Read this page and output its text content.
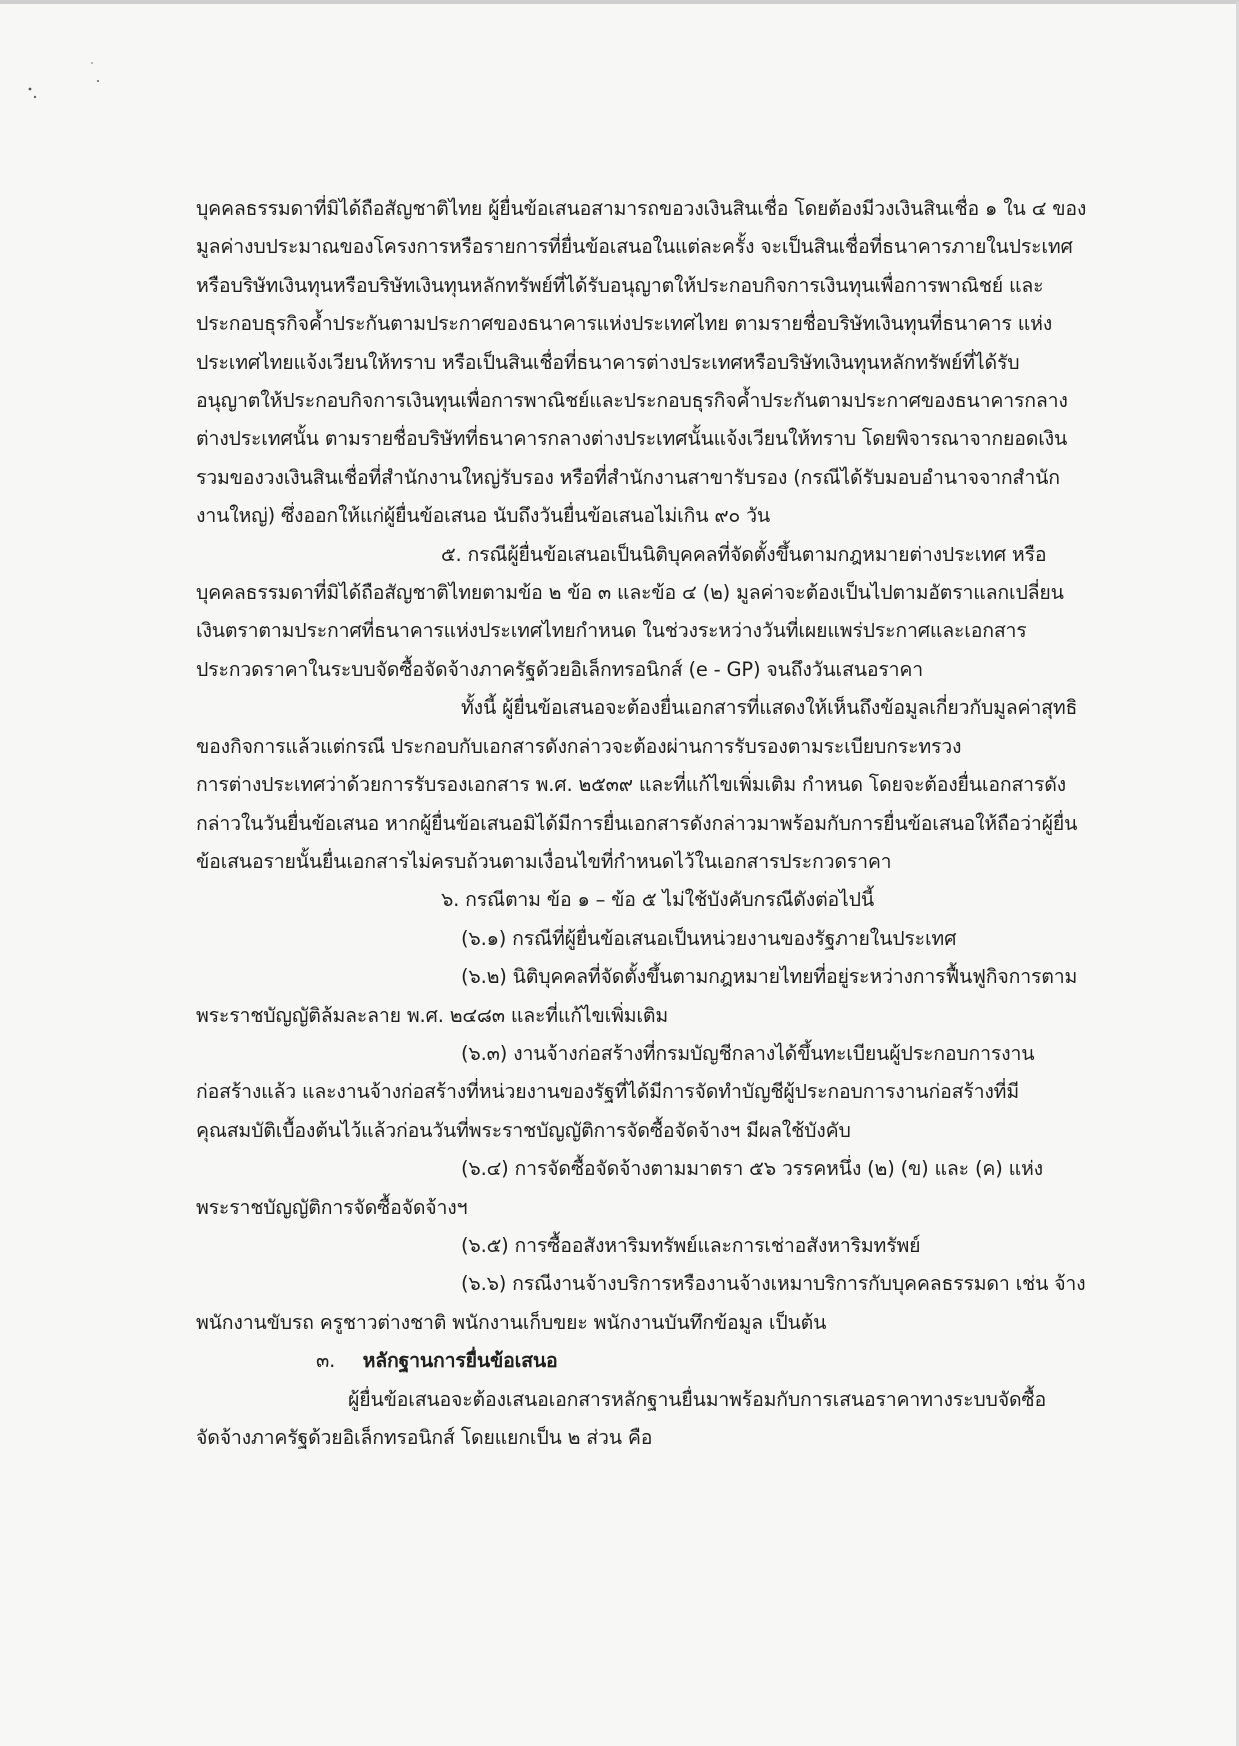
บุคคลธรรมดาที่มิได้ถือสัญชาติไทย ผู้ยื่นข้อเสนอสามารถขอวงเงินสินเชื่อ โดยต้องมีวงเงินสินเชื่อ ๑ ใน ๔ ของ
มูลค่างบประมาณของโครงการหรือรายการที่ยื่นข้อเสนอในแต่ละครั้ง จะเป็นสินเชื่อที่ธนาคารภายในประเทศ
หรือบริษัทเงินทุนหรือบริษัทเงินทุนหลักทรัพย์ที่ได้รับอนุญาตให้ประกอบกิจการเงินทุนเพื่อการพาณิชย์ และ
ประกอบธุรกิจค้ำประกันตามประกาศของธนาคารแห่งประเทศไทย ตามรายชื่อบริษัทเงินทุนที่ธนาคาร แห่ง
ประเทศไทยแจ้งเวียนให้ทราบ หรือเป็นสินเชื่อที่ธนาคารต่างประเทศหรือบริษัทเงินทุนหลักทรัพย์ที่ได้รับ
อนุญาตให้ประกอบกิจการเงินทุนเพื่อการพาณิชย์และประกอบธุรกิจค้ำประกันตามประกาศของธนาคารกลาง
ต่างประเทศนั้น ตามรายชื่อบริษัทที่ธนาคารกลางต่างประเทศนั้นแจ้งเวียนให้ทราบ โดยพิจารณาจากยอดเงิน
รวมของวงเงินสินเชื่อที่สำนักงานใหญ่รับรอง หรือที่สำนักงานสาขารับรอง (กรณีได้รับมอบอำนาจจากสำนัก
งานใหญ่) ซึ่งออกให้แก่ผู้ยื่นข้อเสนอ นับถึงวันยื่นข้อเสนอไม่เกิน ๙๐ วัน
๕. กรณีผู้ยื่นข้อเสนอเป็นนิติบุคคลที่จัดตั้งขึ้นตามกฎหมายต่างประเทศ หรือ
บุคคลธรรมดาที่มิได้ถือสัญชาติไทยตามข้อ ๒ ข้อ ๓ และข้อ ๔ (๒) มูลค่าจะต้องเป็นไปตามอัตราแลกเปลี่ยน
เงินตราตามประกาศที่ธนาคารแห่งประเทศไทยกำหนด ในช่วงระหว่างวันที่เผยแพร่ประกาศและเอกสาร
ประกวดราคาในระบบจัดซื้อจัดจ้างภาครัฐด้วยอิเล็กทรอนิกส์ (e - GP) จนถึงวันเสนอราคา
ทั้งนี้ ผู้ยื่นข้อเสนอจะต้องยื่นเอกสารที่แสดงให้เห็นถึงข้อมูลเกี่ยวกับมูลค่าสุทธิ
ของกิจการแล้วแต่กรณี ประกอบกับเอกสารดังกล่าวจะต้องผ่านการรับรองตามระเบียบกระทรวง
การต่างประเทศว่าด้วยการรับรองเอกสาร พ.ศ. ๒๕๓๙ และที่แก้ไขเพิ่มเติม กำหนด โดยจะต้องยื่นเอกสารดัง
กล่าวในวันยื่นข้อเสนอ หากผู้ยื่นข้อเสนอมิได้มีการยื่นเอกสารดังกล่าวมาพร้อมกับการยื่นข้อเสนอให้ถือว่าผู้ยื่น
ข้อเสนอรายนั้นยื่นเอกสารไม่ครบถ้วนตามเงื่อนไขที่กำหนดไว้ในเอกสารประกวดราคา
๖. กรณีตาม ข้อ ๑ – ข้อ ๕ ไม่ใช้บังคับกรณีดังต่อไปนี้
(๖.๑) กรณีที่ผู้ยื่นข้อเสนอเป็นหน่วยงานของรัฐภายในประเทศ
(๖.๒) นิติบุคคลที่จัดตั้งขึ้นตามกฎหมายไทยที่อยู่ระหว่างการฟื้นฟูกิจการตาม
พระราชบัญญัติล้มละลาย พ.ศ. ๒๔๘๓ และที่แก้ไขเพิ่มเติม
(๖.๓) งานจ้างก่อสร้างที่กรมบัญชีกลางได้ขึ้นทะเบียนผู้ประกอบการงาน
ก่อสร้างแล้ว และงานจ้างก่อสร้างที่หน่วยงานของรัฐที่ได้มีการจัดทำบัญชีผู้ประกอบการงานก่อสร้างที่มี
คุณสมบัติเบื้องต้นไว้แล้วก่อนวันที่พระราชบัญญัติการจัดซื้อจัดจ้างฯ มีผลใช้บังคับ
(๖.๔) การจัดซื้อจัดจ้างตามมาตรา ๕๖ วรรคหนึ่ง (๒) (ข) และ (ค) แห่ง
พระราชบัญญัติการจัดซื้อจัดจ้างฯ
(๖.๕) การซื้ออสังหาริมทรัพย์และการเช่าอสังหาริมทรัพย์
(๖.๖) กรณีงานจ้างบริการหรืองานจ้างเหมาบริการกับบุคคลธรรมดา เช่น จ้าง
พนักงานขับรถ ครูชาวต่างชาติ พนักงานเก็บขยะ พนักงานบันทึกข้อมูล เป็นต้น
๓. หลักฐานการยื่นข้อเสนอ
ผู้ยื่นข้อเสนอจะต้องเสนอเอกสารหลักฐานยื่นมาพร้อมกับการเสนอราคาทางระบบจัดซื้อ
จัดจ้างภาครัฐด้วยอิเล็กทรอนิกส์ โดยแยกเป็น ๒ ส่วน คือ
